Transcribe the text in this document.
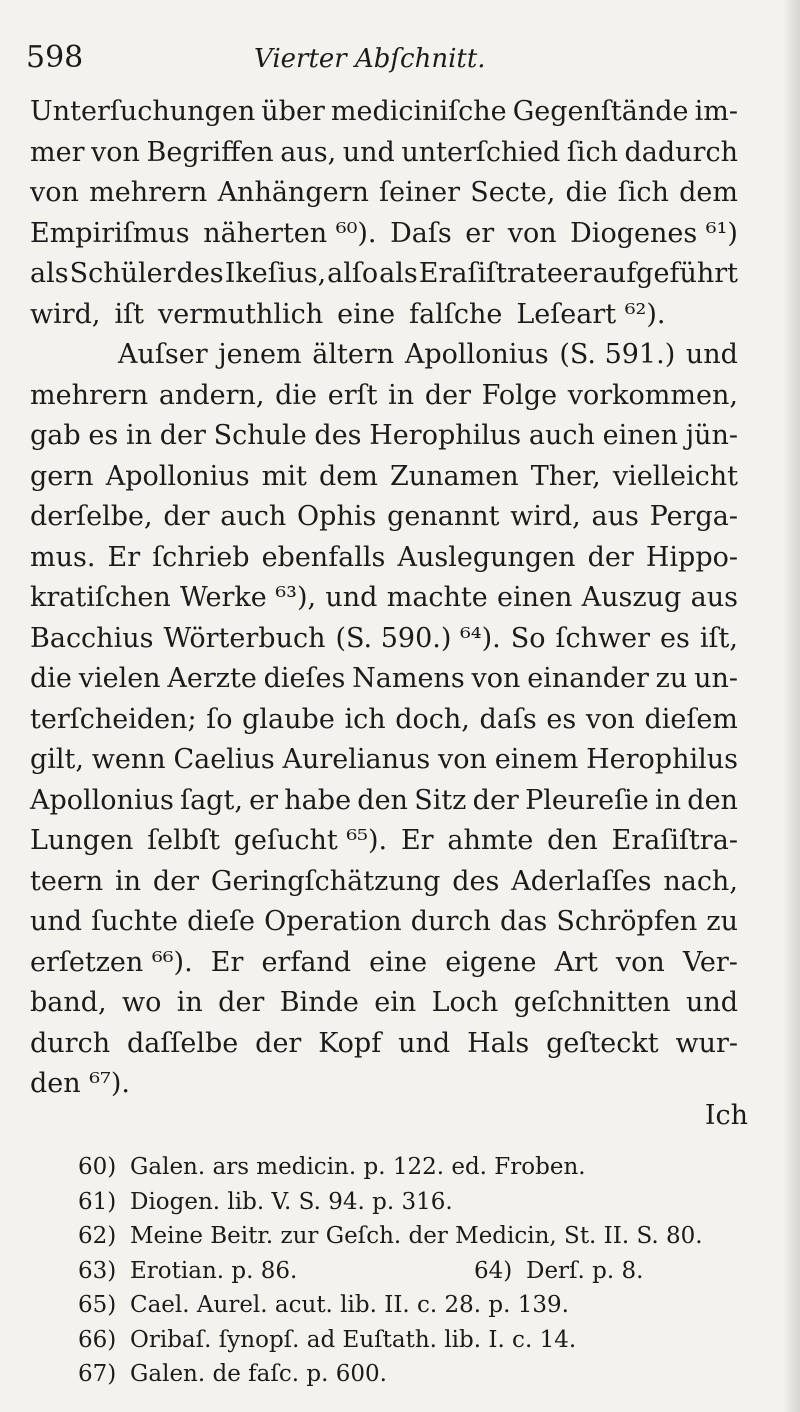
598	Vierter Abſchnitt.
Unterſuchungen über mediciniſche Gegenſtände im-
mer von Begriffen aus, und unterſchied ſich dadurch
von mehrern Anhängern ſeiner Secte, die ſich dem
Empiriſmus näherten ⁶⁰). Daſs er von Diogenes ⁶¹)
als Schüler des Ikeſius, alſo als Eraſiſtrateer aufgeführt
wird, iſt vermuthlich eine falſche Leſeart ⁶²).
Auſser jenem ältern Apollonius (S. 591.) und
mehrern andern, die erſt in der Folge vorkommen,
gab es in der Schule des Herophilus auch einen jün-
gern Apollonius mit dem Zunamen Ther, vielleicht
derſelbe, der auch Ophis genannt wird, aus Perga-
mus. Er ſchrieb ebenfalls Auslegungen der Hippo-
kratiſchen Werke ⁶³), und machte einen Auszug aus
Bacchius Wörterbuch (S. 590.) ⁶⁴). So ſchwer es iſt,
die vielen Aerzte dieſes Namens von einander zu un-
terſcheiden; ſo glaube ich doch, daſs es von dieſem
gilt, wenn Caelius Aurelianus von einem Herophilus
Apollonius ſagt, er habe den Sitz der Pleureſie in den
Lungen ſelbſt geſucht ⁶⁵). Er ahmte den Eraſiſtra-
teern in der Geringſchätzung des Aderlaſſes nach,
und ſuchte dieſe Operation durch das Schröpfen zu
erſetzen ⁶⁶). Er erfand eine eigene Art von Ver-
band, wo in der Binde ein Loch geſchnitten und
durch daſſelbe der Kopf und Hals geſteckt wur-
den ⁶⁷).
Ich
60) Galen. ars medicin. p. 122. ed. Froben.
61) Diogen. lib. V. S. 94. p. 316.
62) Meine Beitr. zur Geſch. der Medicin, St. II. S. 80.
63) Erotian. p. 86.	64) Derſ. p. 8.
65) Cael. Aurel. acut. lib. II. c. 28. p. 139.
66) Oribaſ. ſynopſ. ad Euſtath. lib. I. c. 14.
67) Galen. de faſc. p. 600.
